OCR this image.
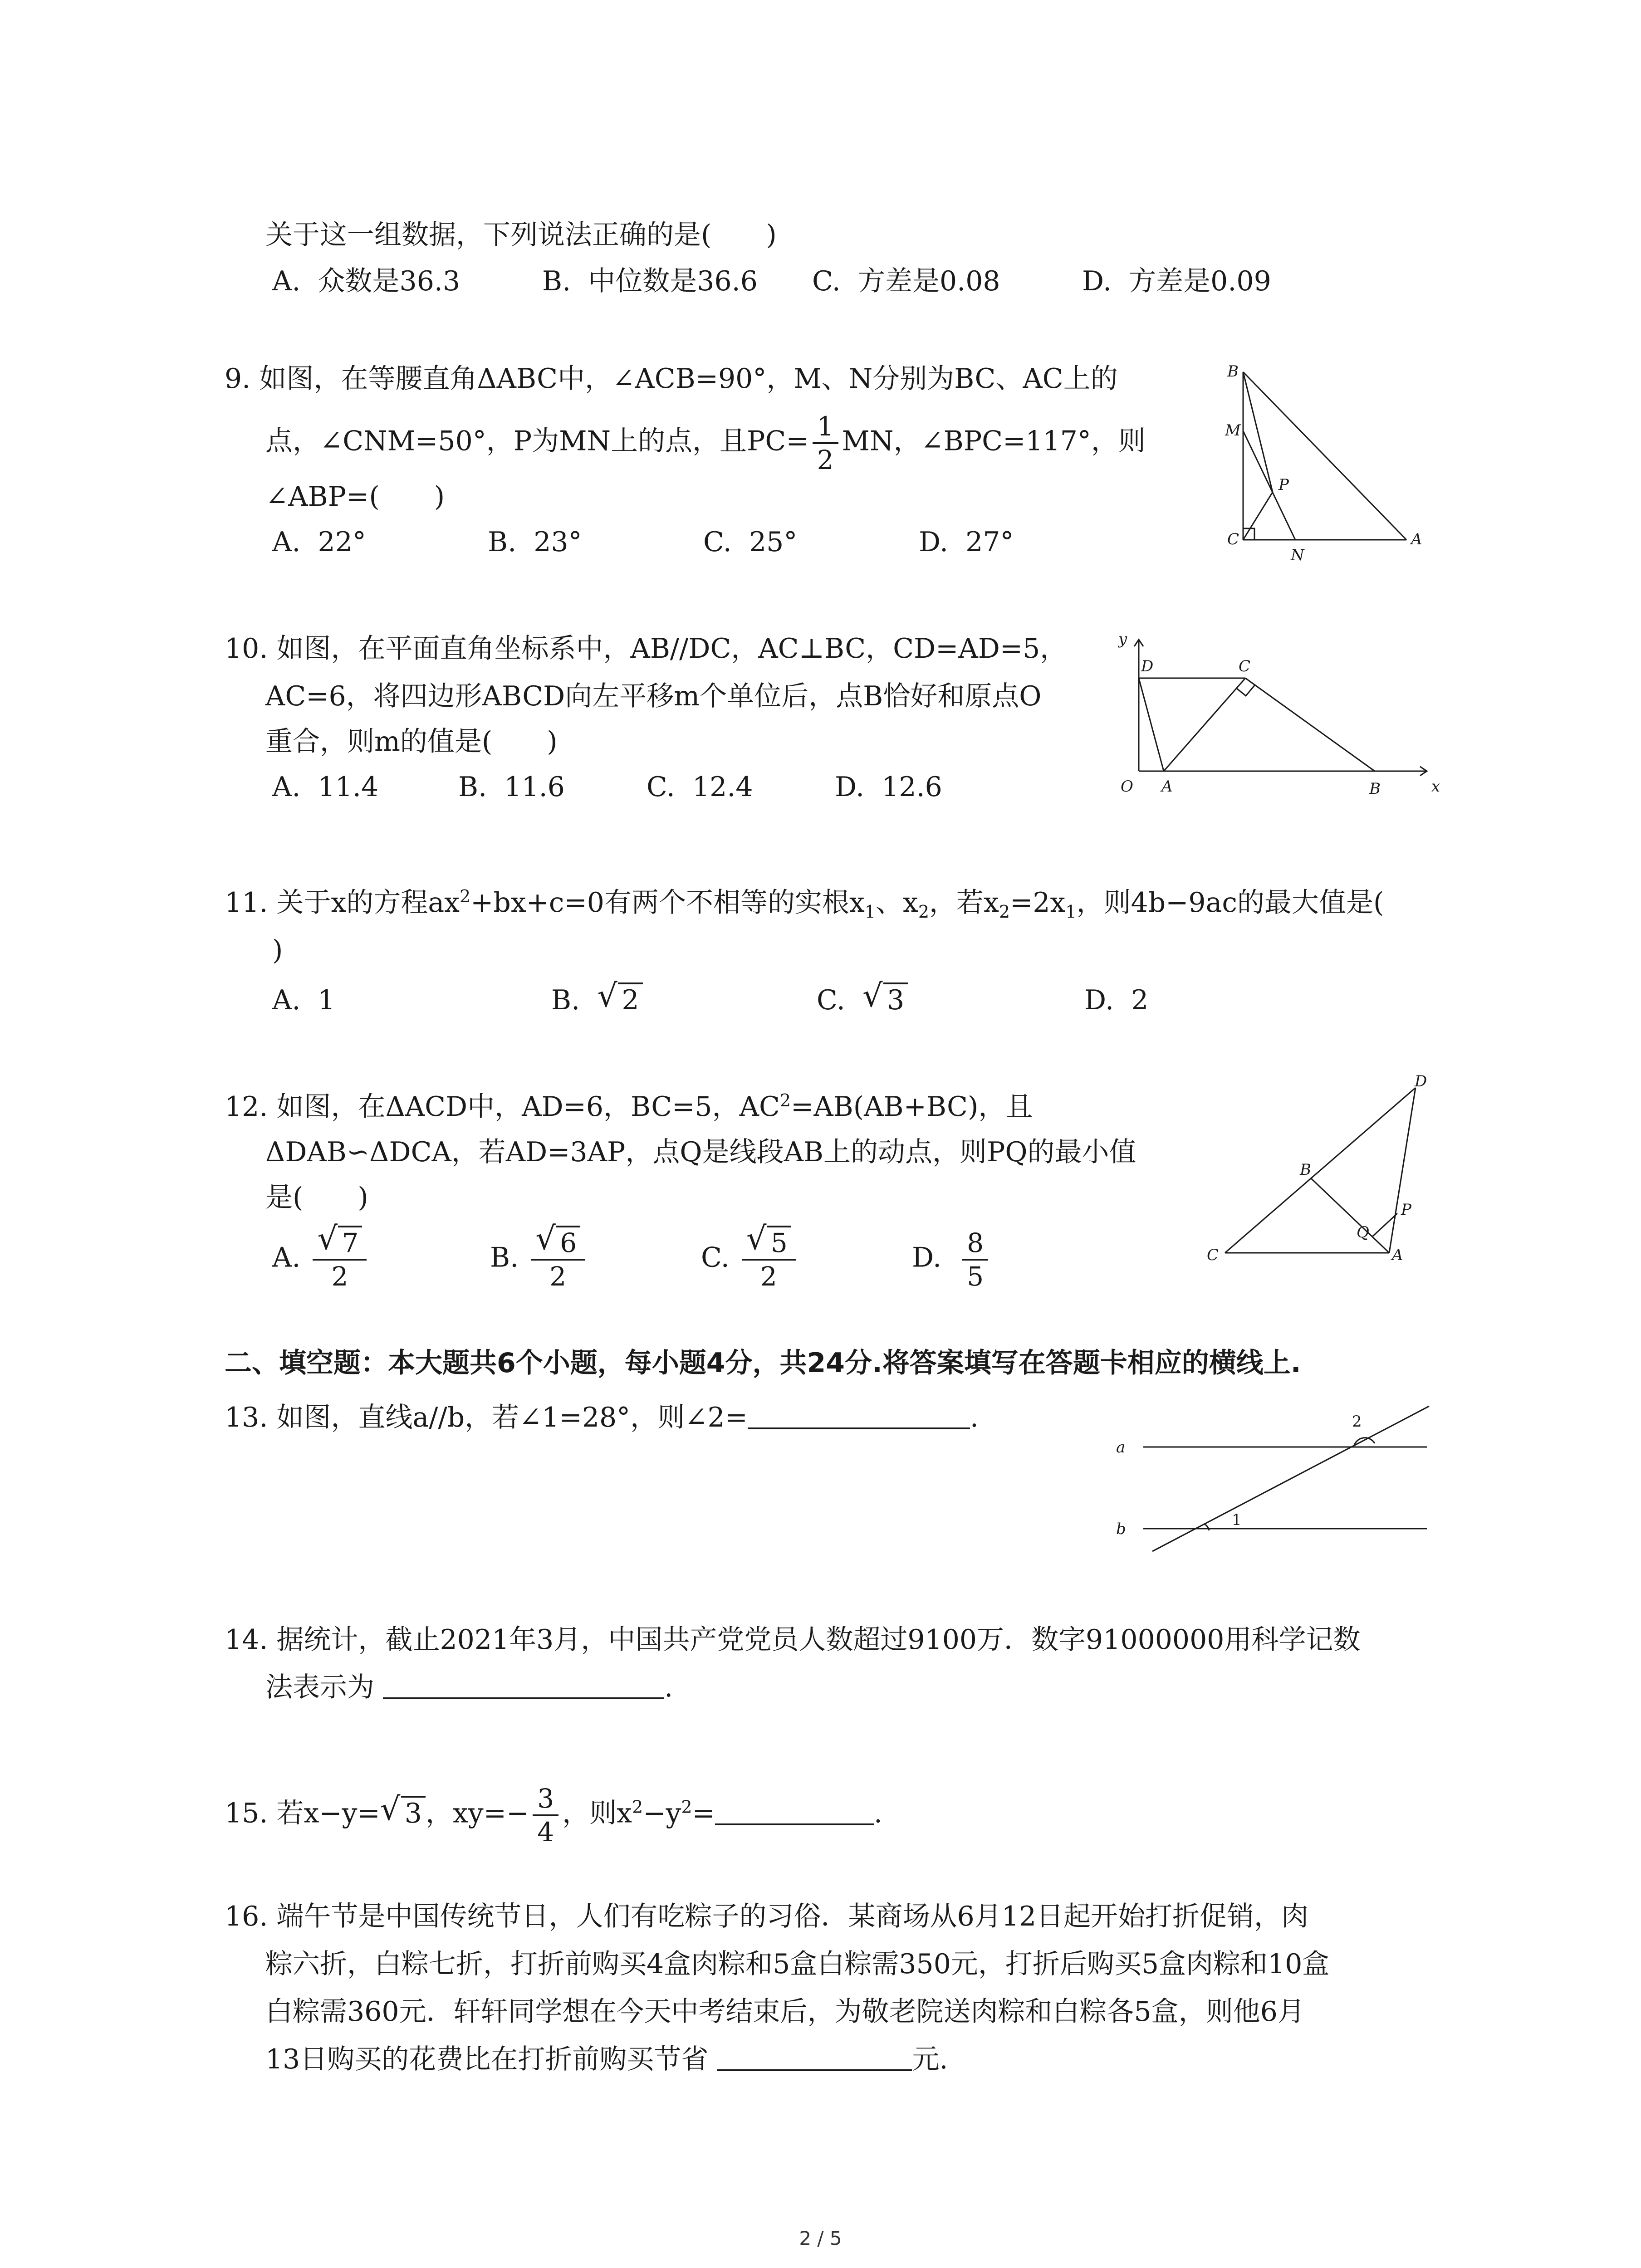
关于这一组数据，下列说法正确的是(　　)
A.  众数是36.3	B.  中位数是36.6 C.  方差是0.08	D.  方差是0.09
9. 如图，在等腰直角ΔABC中，∠ACB=90°，M、N分别为BC、AC上的
点，∠CNM=50°，P为MN上的点，且$PC= \frac{1}{2}$ MN，∠BPC=117°，则
∠ABP=(　　)
A.  22°	B.  23°	C.  25°	D.  27°
B
M
P
C
N
A
10. 如图，在平面直角坐标系中，AB//DC，AC⊥BC，CD=AD=5，
AC=6，将四边形ABCD向左平移m个单位后，点B恰好和原点O
重合，则m的值是(　　)
A.  11.4	B.  11.6	C.  12.4	D.  12.6
y
D	C
O A	B	x
11. 关于x的方程$ax^2+bx+c=0$有两个不相等的实根$x_1$、$x_2$，若$x_2=2x_1$，则4b−9ac的最大值是(
)
A.  1	B. √ 2	C. √ 3	D.  2
12. 如图，在ΔACD中，AD=6，BC=5，$AC^2=AB(AB+BC)$，且
ΔDAB∽ΔDCA，若AD=3AP，点Q是线段AB上的动点，则PQ的最小值
是(　　)
A. $\frac{√ 7}{2}$	B. $\frac{√ 6}{2}$	C. $\frac{√ 5}{2}$	D. $\frac{8}{5}$
D
B
P
Q
C	A
二、填空题：本大题共6个小题，每小题4分，共24分.将答案填写在答题卡相应的横线上.
13. 如图，直线a//b，若∠1=28°，则∠2=	.	2
a
b	1
14. 据统计，截止2021年3月，中国共产党党员人数超过9100万．数字91000000用科学记数
法表示为	.
15. 若x−y= √ 3 ，$xy=- \frac{3}{4}$ ，则$x^2-y^2=$	.
16. 端午节是中国传统节日，人们有吃粽子的习俗．某商场从6月12日起开始打折促销，肉
粽六折，白粽七折，打折前购买4盒肉粽和5盒白粽需350元，打折后购买5盒肉粽和10盒
白粽需360元．轩轩同学想在今天中考结束后，为敬老院送肉粽和白粽各5盒，则他6月
13日购买的花费比在打折前购买节省	元.
2 / 5
